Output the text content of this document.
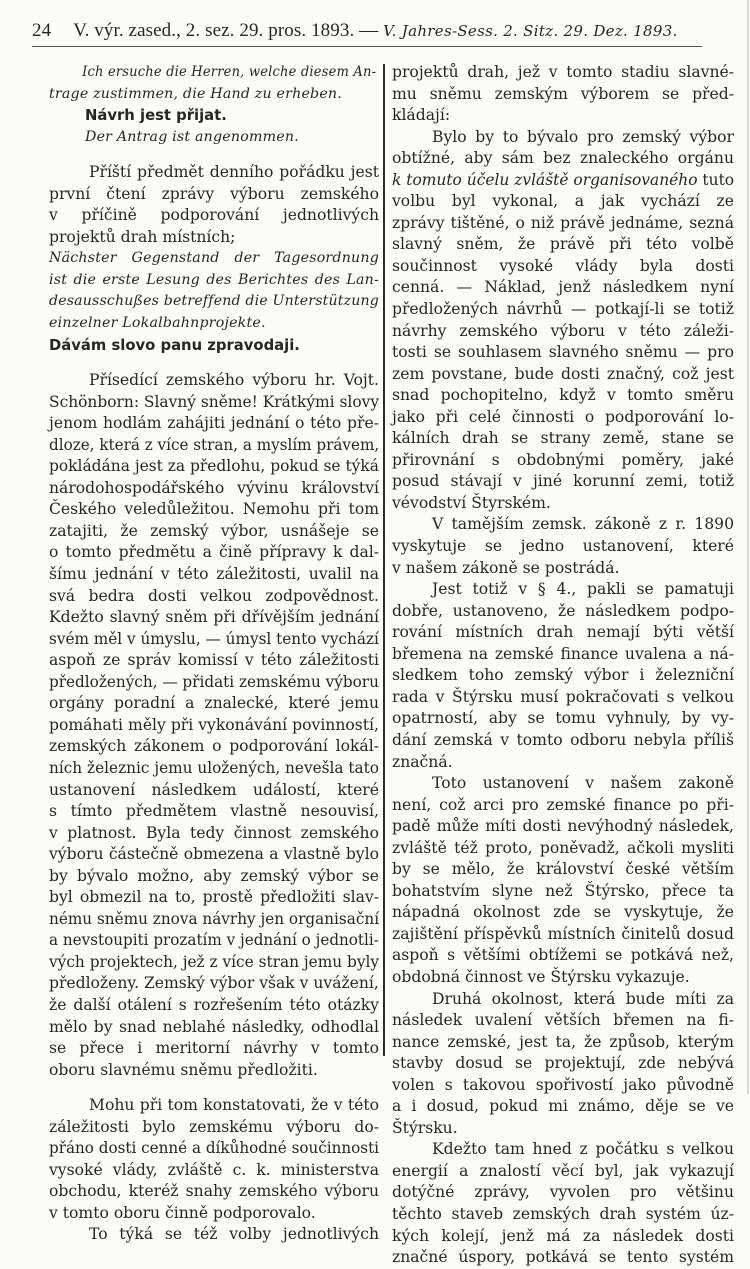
24 V. výr. zased., 2. sez. 29. pros. 1893. —
V. Jahres-Sess. 2. Sitz. 29. Dez. 1893.
Ich ersuche die Herren, welche diesem An-
trage zustimmen, die Hand zu erheben.
Návrh jest přijat.
Der Antrag ist angenommen.
Příští předmět denního pořádku jest
první čtení zprávy výboru zemského
v příčině podporování jednotlivých
projektů drah místních;
Nächster Gegenstand der Tagesordnung
ist die erste Lesung des Berichtes des Lan-
desausschußes betreffend die Unterstützung
einzelner Lokalbahnprojekte.
Dávám slovo panu zpravodaji.
Přísedící zemského výboru hr. Vojt.
Schönborn: Slavný sněme! Krátkými slovy
jenom hodlám zahájiti jednání o této pře-
dloze, která z více stran, a myslím právem,
pokládána jest za předlohu, pokud se týká
národohospodářského vývinu království
Českého veledůležitou. Nemohu při tom
zatajiti, že zemský výbor, usnášeje se
o tomto předmětu a čině přípravy k dal-
šímu jednání v této záležitosti, uvalil na
svá bedra dosti velkou zodpovědnost.
Kdežto slavný sněm při dřívějším jednání
svém měl v úmyslu, — úmysl tento vychází
aspoň ze správ komissí v této záležitosti
předložených, — přidati zemskému výboru
orgány poradní a znalecké, které jemu
pomáhati měly při vykonávání povinností,
zemských zákonem o podporování lokál-
ních železnic jemu uložených, nevešla tato
ustanovení následkem událostí, které
s tímto předmětem vlastně nesouvisí,
v platnost. Byla tedy činnost zemského
výboru částečně obmezena a vlastně bylo
by bývalo možno, aby zemský výbor se
byl obmezil na to, prostě předložiti slav-
nému sněmu znova návrhy jen organisační
a nevstoupiti prozatím v jednání o jednotli-
vých projektech, jež z více stran jemu byly
předloženy. Zemský výbor však v uvážení,
že další otálení s rozřešením této otázky
mělo by snad neblahé následky, odhodlal
se přece i meritorní návrhy v tomto
oboru slavnému sněmu předložiti.
Mohu při tom konstatovati, že v této
záležitosti bylo zemskému výboru do-
přáno dosti cenné a díkůhodné součinnosti
vysoké vlády, zvláště c. k. ministerstva
obchodu, kteréž snahy zemského výboru
v tomto oboru činně podporovalo.
To týká se též volby jednotlivých
projektů drah, jež v tomto stadiu slavné-
mu sněmu zemským výborem se před-
kládají:
Bylo by to bývalo pro zemský výbor
obtížné, aby sám bez znaleckého orgánu
k tomuto účelu zvláště organisovaného tuto
volbu byl vykonal, a jak vychází ze
zprávy tištěné, o niž právě jednáme, sezná
slavný sněm, že právě při této volbě
součinnost vysoké vlády byla dosti
cenná. — Náklad, jenž následkem nyní
předložených návrhů — potkají-li se totiž
návrhy zemského výboru v této záleži-
tosti se souhlasem slavného sněmu — pro
zem povstane, bude dosti značný, což jest
snad pochopitelno, když v tomto směru
jako při celé činnosti o podporování lo-
kálních drah se strany země, stane se
přirovnání s obdobnými poměry, jaké
posud stávají v jiné korunní zemi, totiž
vévodství Štyrském.
V tamějším zemsk. zákoně z r. 1890
vyskytuje se jedno ustanovení, které
v našem zákoně se postrádá.
Jest totiž v § 4., pakli se pamatuji
dobře, ustanoveno, že následkem podpo-
rování místních drah nemají býti větší
břemena na zemské finance uvalena a ná-
sledkem toho zemský výbor i železniční
rada v Štýrsku musí pokračovati s velkou
opatrností, aby se tomu vyhnuly, by vy-
dání zemská v tomto odboru nebyla příliš
značná.
Toto ustanovení v našem zakoně
není, což arci pro zemské finance po při-
padě může míti dosti nevýhodný následek,
zvláště též proto, poněvadž, ačkoli mysliti
by se mělo, že království české větším
bohatstvím slyne než Štýrsko, přece ta
nápadná okolnost zde se vyskytuje, že
zajištění příspěvků místních činitelů dosud
aspoň s většími obtížemi se potkává než,
obdobná činnost ve Štýrsku vykazuje.
Druhá okolnost, která bude míti za
následek uvalení větších břemen na fi-
nance zemské, jest ta, že způsob, kterým
stavby dosud se projektují, zde nebývá
volen s takovou spořivostí jako původně
a i dosud, pokud mi známo, děje se ve
Štýrsku.
Kdežto tam hned z počátku s velkou
energií a znalostí věcí byl, jak vykazují
dotýčné zprávy, vyvolen pro většinu
těchto staveb zemských drah systém úz-
kých kolejí, jenž má za následek dosti
značné úspory, potkává se tento systém
